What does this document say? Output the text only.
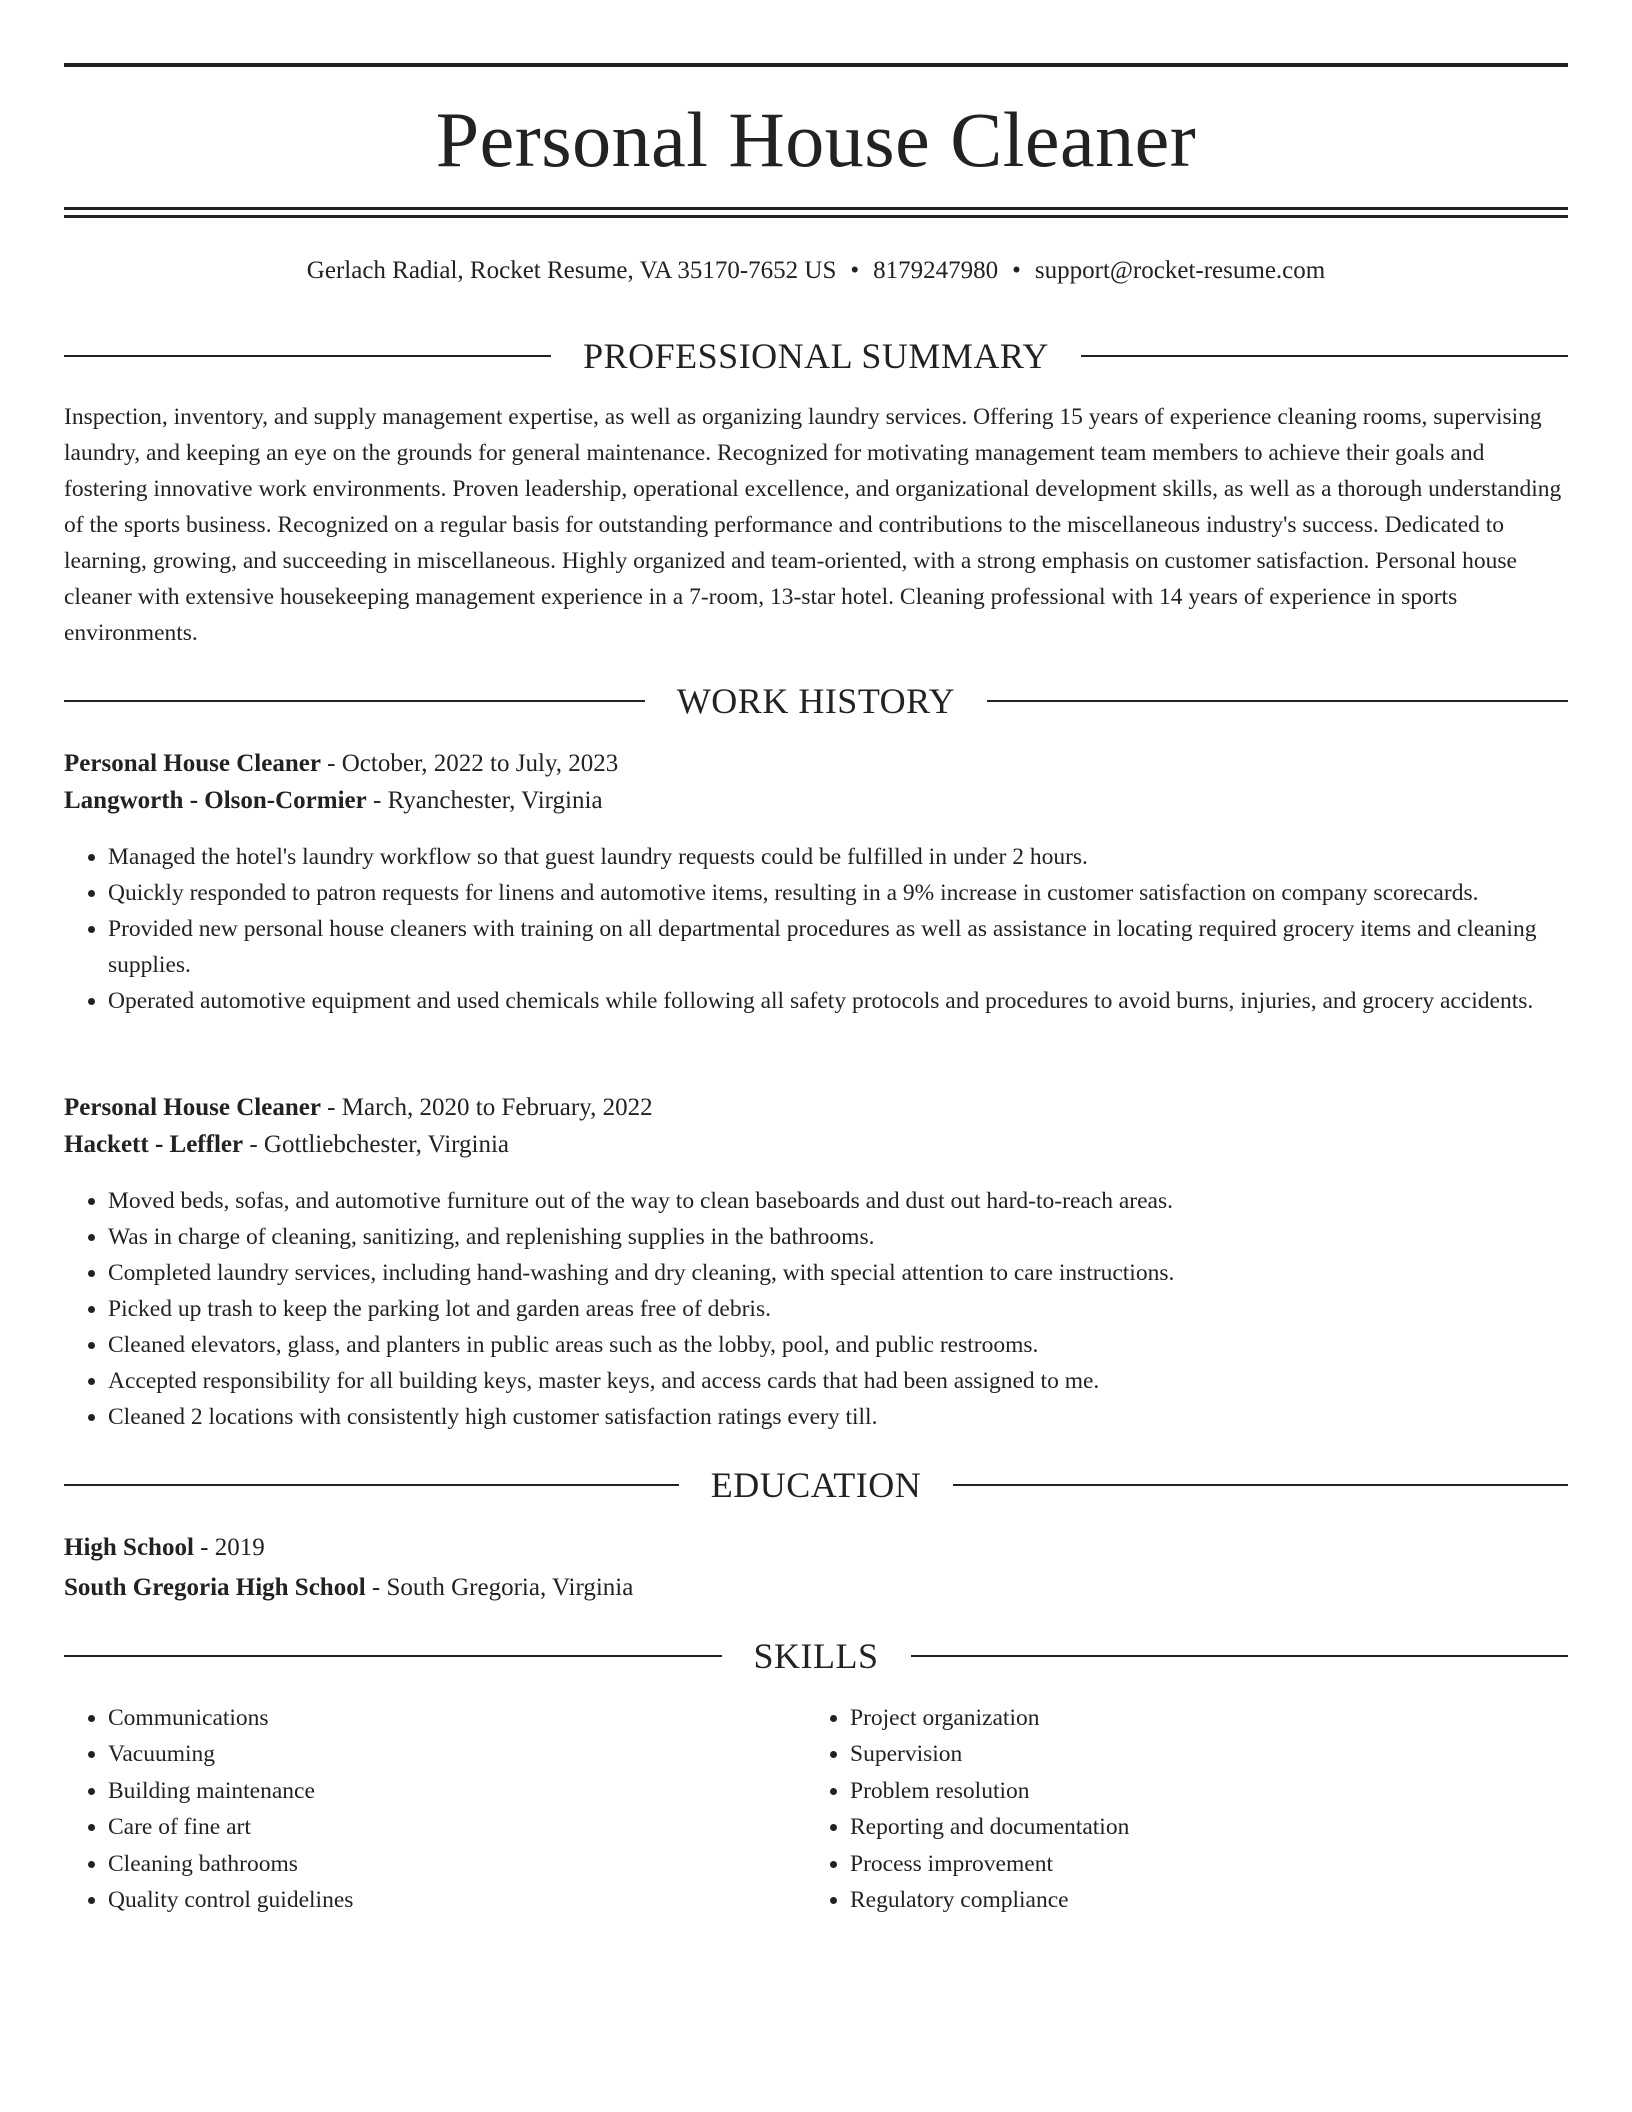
Personal House Cleaner
Gerlach Radial, Rocket Resume, VA 35170-7652 US • 8179247980 • support@rocket-resume.com
PROFESSIONAL SUMMARY

Inspection, inventory, and supply management expertise, as well as organizing laundry services. Offering 15 years of experience cleaning rooms, supervising laundry, and keeping an eye on the grounds for general maintenance. Recognized for motivating management team members to achieve their goals and fostering innovative work environments. Proven leadership, operational excellence, and organizational development skills, as well as a thorough understanding of the sports business. Recognized on a regular basis for outstanding performance and contributions to the miscellaneous industry's success. Dedicated to learning, growing, and succeeding in miscellaneous. Highly organized and team-oriented, with a strong emphasis on customer satisfaction. Personal house cleaner with extensive housekeeping management experience in a 7-room, 13-star hotel. Cleaning professional with 14 years of experience in sports environments.

WORK HISTORY
Personal House Cleaner - October, 2022 to July, 2023
Langworth - Olson-Cormier - Ryanchester, Virginia
• Managed the hotel's laundry workflow so that guest laundry requests could be fulfilled in under 2 hours.
• Quickly responded to patron requests for linens and automotive items, resulting in a 9% increase in customer satisfaction on company scorecards.
• Provided new personal house cleaners with training on all departmental procedures as well as assistance in locating required grocery items and cleaning supplies.
• Operated automotive equipment and used chemicals while following all safety protocols and procedures to avoid burns, injuries, and grocery accidents.
Personal House Cleaner - March, 2020 to February, 2022
Hackett - Leffler - Gottliebchester, Virginia
• Moved beds, sofas, and automotive furniture out of the way to clean baseboards and dust out hard-to-reach areas.
• Was in charge of cleaning, sanitizing, and replenishing supplies in the bathrooms.
• Completed laundry services, including hand-washing and dry cleaning, with special attention to care instructions.
• Picked up trash to keep the parking lot and garden areas free of debris.
• Cleaned elevators, glass, and planters in public areas such as the lobby, pool, and public restrooms.
• Accepted responsibility for all building keys, master keys, and access cards that had been assigned to me.
• Cleaned 2 locations with consistently high customer satisfaction ratings every till.
EDUCATION
High School - 2019
South Gregoria High School - South Gregoria, Virginia
SKILLS
• Communications
• Vacuuming
• Building maintenance
• Care of fine art
• Cleaning bathrooms
• Quality control guidelines
• Project organization
• Supervision
• Problem resolution
• Reporting and documentation
• Process improvement
• Regulatory compliance
